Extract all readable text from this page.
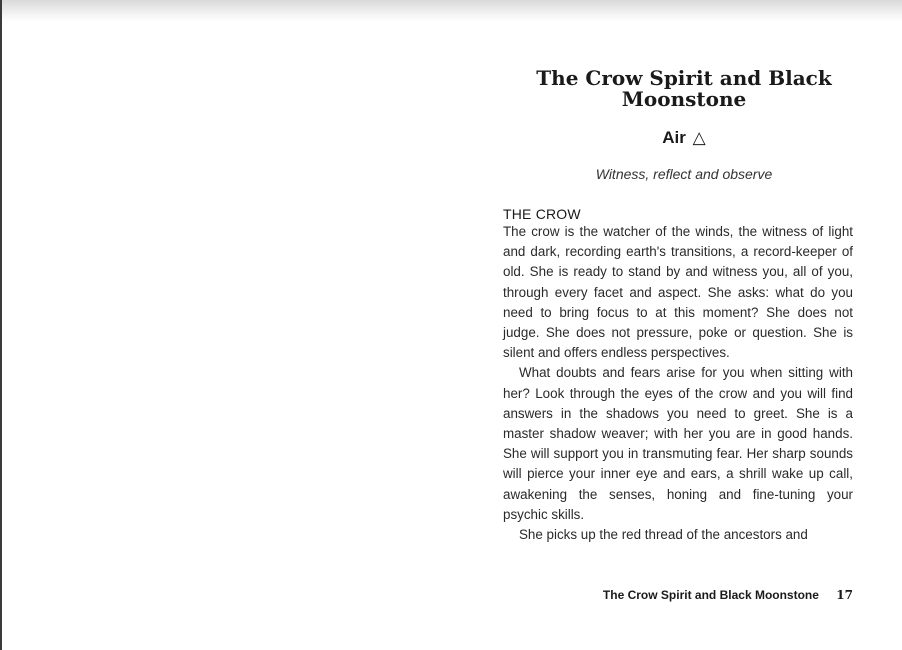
The Crow Spirit and Black Moonstone
Air △
Witness, reflect and observe
THE CROW

The crow is the watcher of the winds, the witness of light and dark, recording earth's transitions, a record-keeper of old. She is ready to stand by and witness you, all of you, through every facet and aspect. She asks: what do you need to bring focus to at this moment? She does not judge. She does not pressure, poke or question. She is silent and offers endless perspectives.

What doubts and fears arise for you when sitting with her? Look through the eyes of the crow and you will find answers in the shadows you need to greet. She is a master shadow weaver; with her you are in good hands. She will support you in transmuting fear. Her sharp sounds will pierce your inner eye and ears, a shrill wake up call, awakening the senses, honing and fine-tuning your psychic skills.

She picks up the red thread of the ancestors and

The Crow Spirit and Black Moonstone 17
